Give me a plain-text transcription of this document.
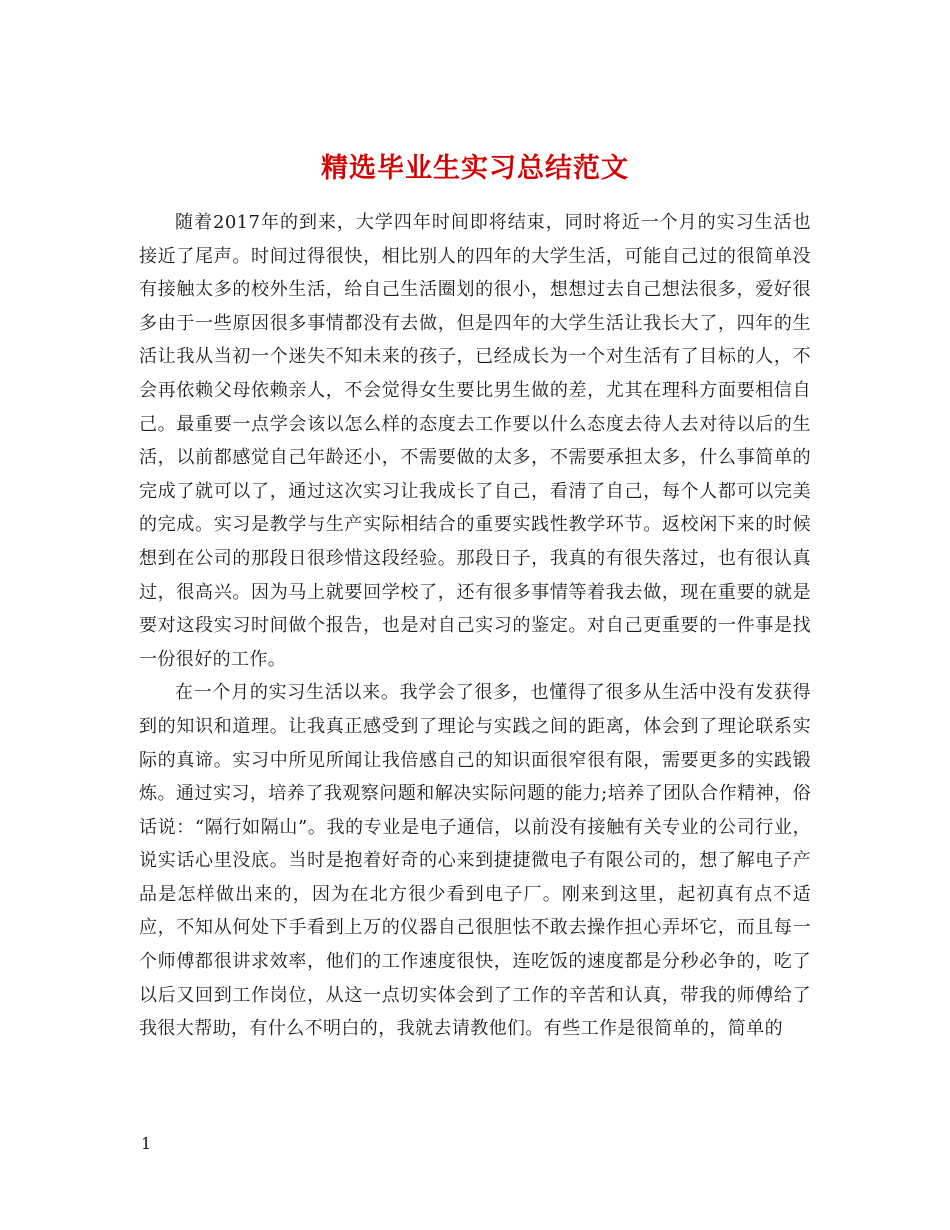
精选毕业生实习总结范文

随着2017年的到来，大学四年时间即将结束，同时将近一个月的实习生活也接近了尾声。时间过得很快，相比别人的四年的大学生活，可能自己过的很简单没有接触太多的校外生活，给自己生活圈划的很小，想想过去自己想法很多，爱好很多由于一些原因很多事情都没有去做，但是四年的大学生活让我长大了，四年的生活让我从当初一个迷失不知未来的孩子，已经成长为一个对生活有了目标的人，不会再依赖父母依赖亲人，不会觉得女生要比男生做的差，尤其在理科方面要相信自己。最重要一点学会该以怎么样的态度去工作要以什么态度去待人去对待以后的生活，以前都感觉自己年龄还小，不需要做的太多，不需要承担太多，什么事简单的完成了就可以了，通过这次实习让我成长了自己，看清了自己，每个人都可以完美的完成。实习是教学与生产实际相结合的重要实践性教学环节。返校闲下来的时候想到在公司的那段日很珍惜这段经验。那段日子，我真的有很失落过，也有很认真过，很高兴。因为马上就要回学校了，还有很多事情等着我去做，现在重要的就是要对这段实习时间做个报告，也是对自己实习的鉴定。对自己更重要的一件事是找一份很好的工作。

在一个月的实习生活以来。我学会了很多，也懂得了很多从生活中没有发获得到的知识和道理。让我真正感受到了理论与实践之间的距离，体会到了理论联系实际的真谛。实习中所见所闻让我倍感自己的知识面很窄很有限，需要更多的实践锻炼。通过实习，培养了我观察问题和解决实际问题的能力;培养了团队合作精神，俗话说：“隔行如隔山”。我的专业是电子通信，以前没有接触有关专业的公司行业，说实话心里没底。当时是抱着好奇的心来到捷捷微电子有限公司的，想了解电子产品是怎样做出来的，因为在北方很少看到电子厂。刚来到这里，起初真有点不适应，不知从何处下手看到上万的仪器自己很胆怯不敢去操作担心弄坏它，而且每一个师傅都很讲求效率，他们的工作速度很快，连吃饭的速度都是分秒必争的，吃了以后又回到工作岗位，从这一点切实体会到了工作的辛苦和认真，带我的师傅给了我很大帮助，有什么不明白的，我就去请教他们。有些工作是很简单的，简单的

1
